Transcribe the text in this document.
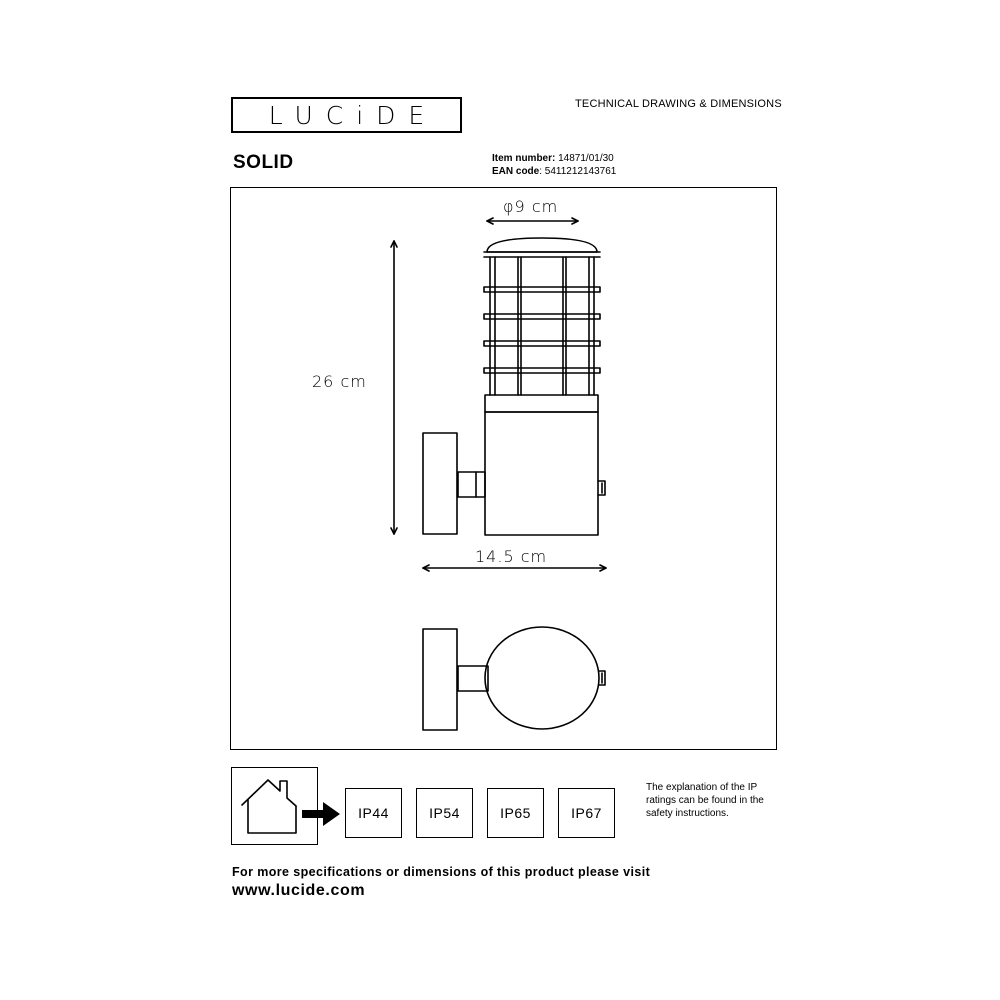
LUCiDE	TECHNICAL DRAWING & DIMENSIONS
SOLID	Item number: 14871/01/30
EAN code: 5411212143761
φ9 cm
26 cm
14.5 cm
IP44	IP54	IP65	IP67
The explanation of the IP ratings can be found in the safety instructions.
For more specifications or dimensions of this product please visit
www.lucide.com
